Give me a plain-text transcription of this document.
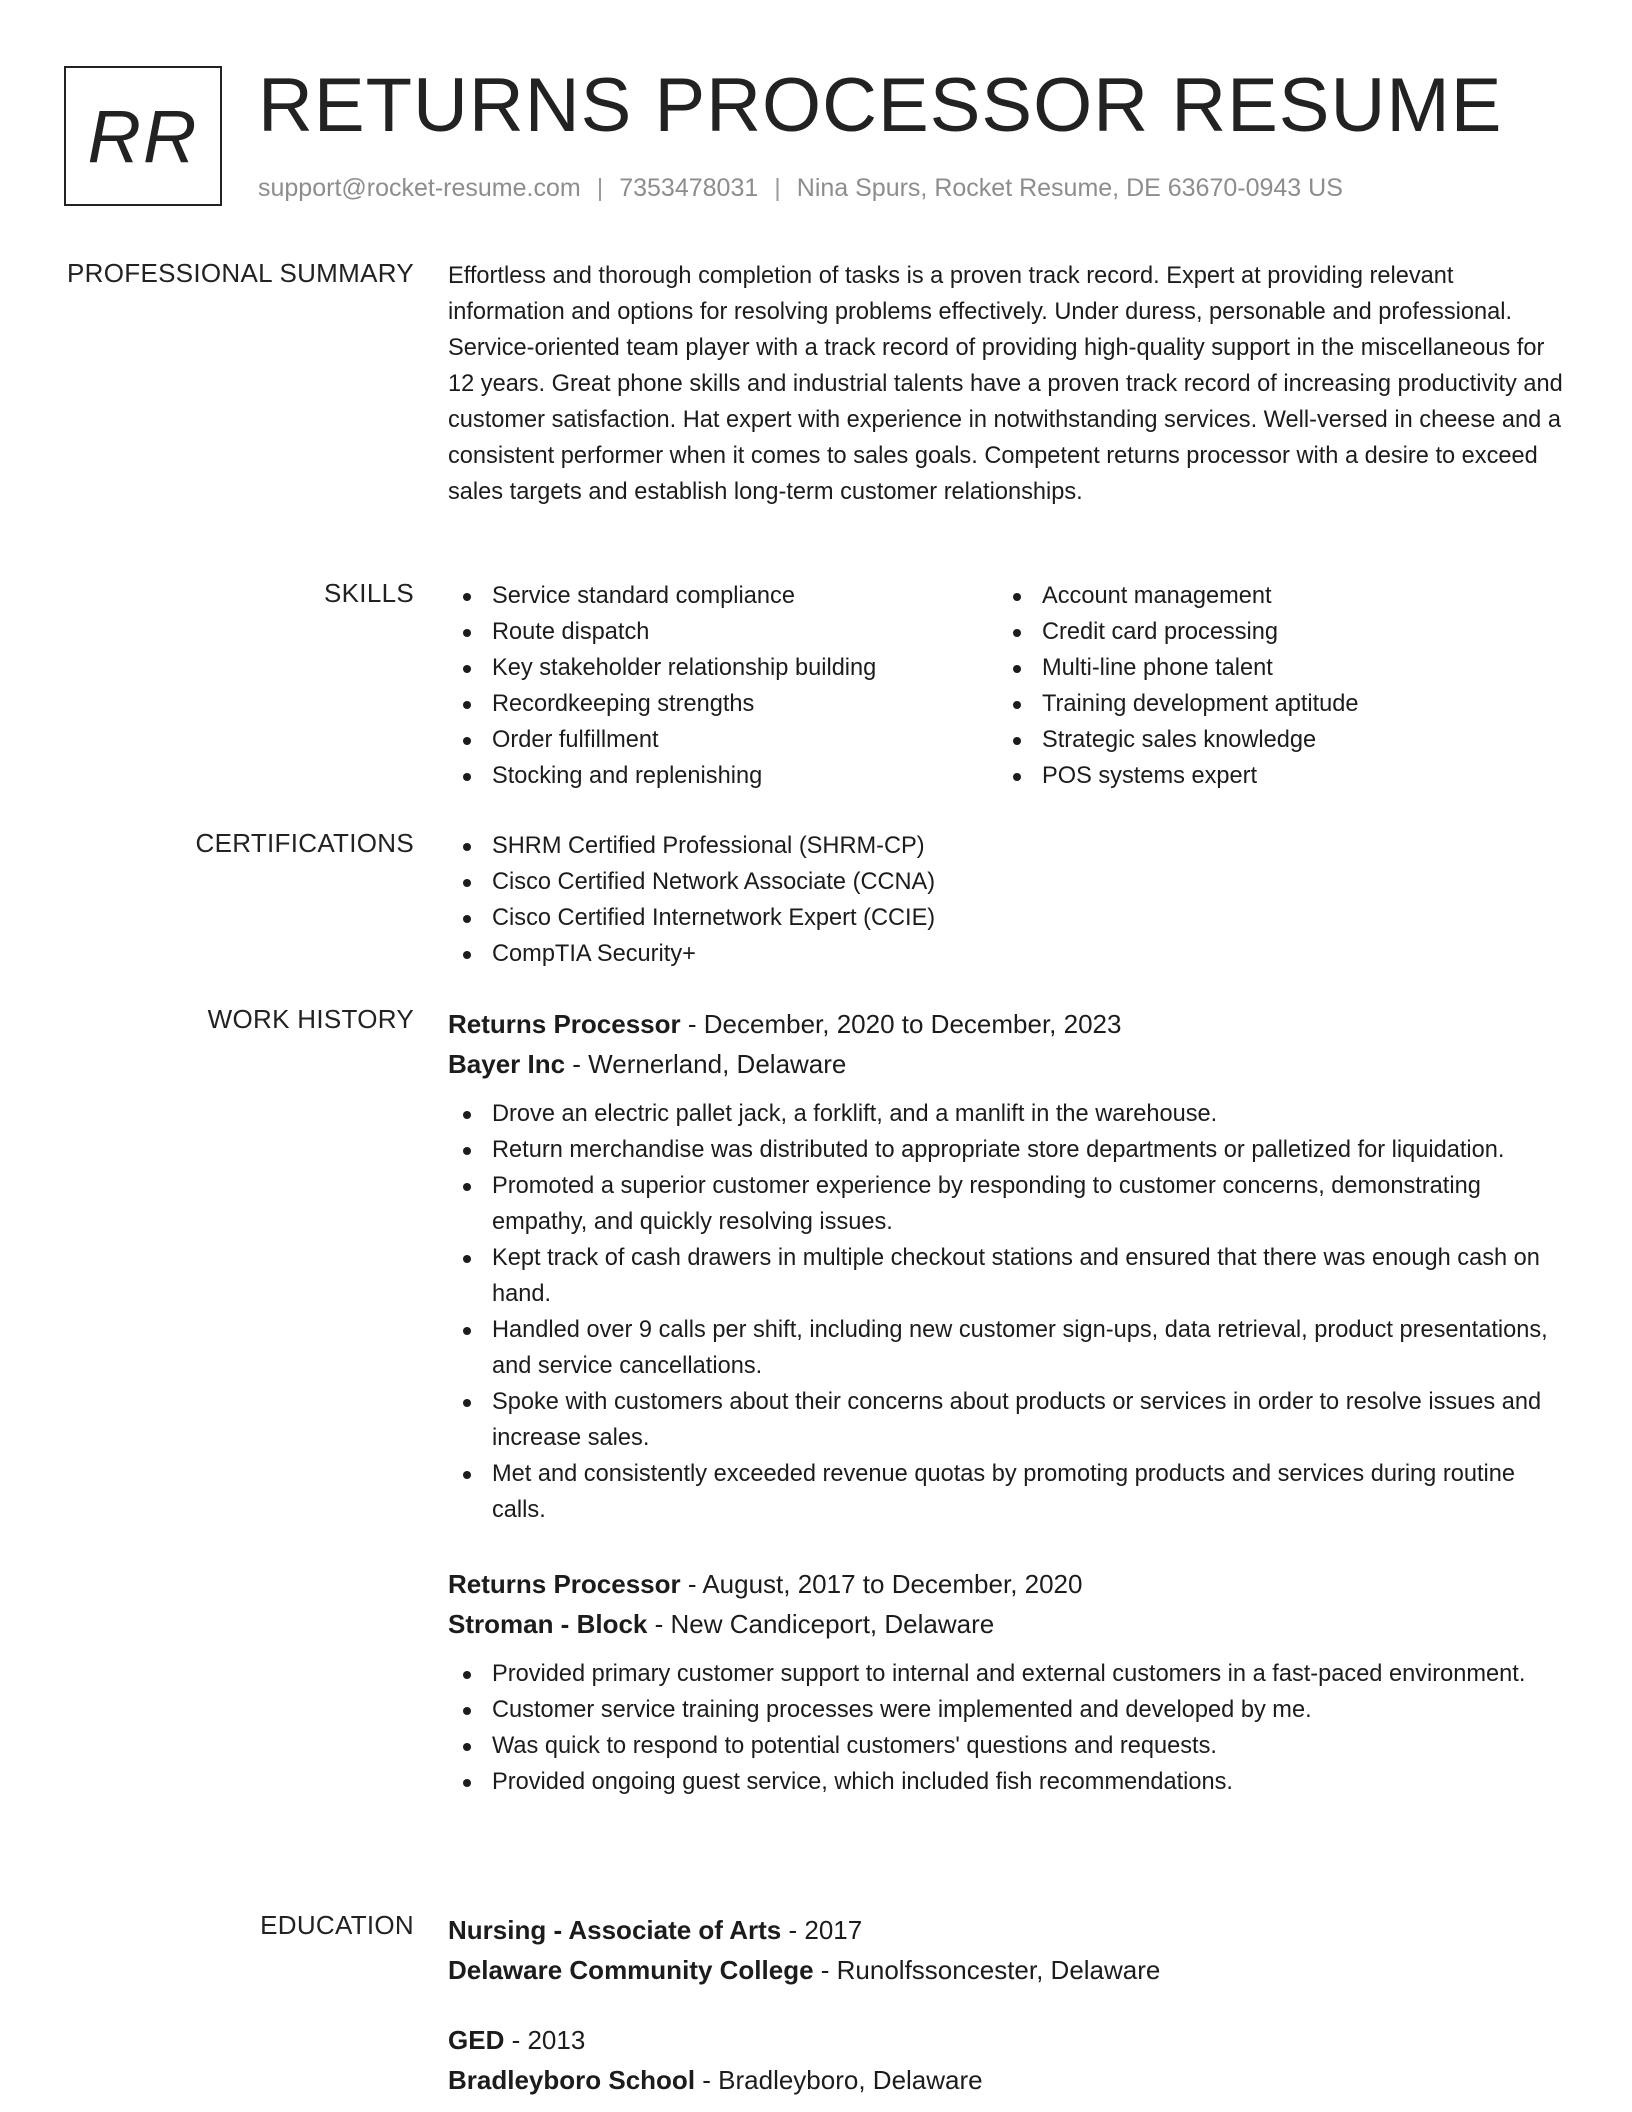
RR RETURNS PROCESSOR RESUME
support@rocket-resume.com | 7353478031 | Nina Spurs, Rocket Resume, DE 63670-0943 US
PROFESSIONAL SUMMARY Effortless and thorough completion of tasks is a proven track record. Expert at providing relevant information and options for resolving problems effectively. Under duress, personable and professional. Service-oriented team player with a track record of providing high-quality support in the miscellaneous for 12 years. Great phone skills and industrial talents have a proven track record of increasing productivity and customer satisfaction. Hat expert with experience in notwithstanding services. Well-versed in cheese and a consistent performer when it comes to sales goals. Competent returns processor with a desire to exceed sales targets and establish long-term customer relationships.

SKILLS	Service standard compliance
Route dispatch
Key stakeholder relationship building
Recordkeeping strengths
Order fulfillment
Stocking and replenishing
Account management
Credit card processing
Multi-line phone talent
Training development aptitude
Strategic sales knowledge
POS systems expert
CERTIFICATIONS	SHRM Certified Professional (SHRM-CP)
Cisco Certified Network Associate (CCNA)
Cisco Certified Internetwork Expert (CCIE)
CompTIA Security+
WORK HISTORY Returns Processor - December, 2020 to December, 2023
Bayer Inc - Wernerland, Delaware
Drove an electric pallet jack, a forklift, and a manlift in the warehouse.
Return merchandise was distributed to appropriate store departments or palletized for liquidation.
Promoted a superior customer experience by responding to customer concerns, demonstrating empathy, and quickly resolving issues.
Kept track of cash drawers in multiple checkout stations and ensured that there was enough cash on hand.
Handled over 9 calls per shift, including new customer sign-ups, data retrieval, product presentations, and service cancellations.
Spoke with customers about their concerns about products or services in order to resolve issues and increase sales.
Met and consistently exceeded revenue quotas by promoting products and services during routine calls.
Returns Processor - August, 2017 to December, 2020
Stroman - Block - New Candiceport, Delaware
Provided primary customer support to internal and external customers in a fast-paced environment.
Customer service training processes were implemented and developed by me.
Was quick to respond to potential customers' questions and requests.
Provided ongoing guest service, which included fish recommendations.
EDUCATION Nursing - Associate of Arts - 2017
Delaware Community College - Runolfssoncester, Delaware
GED - 2013
Bradleyboro School - Bradleyboro, Delaware
